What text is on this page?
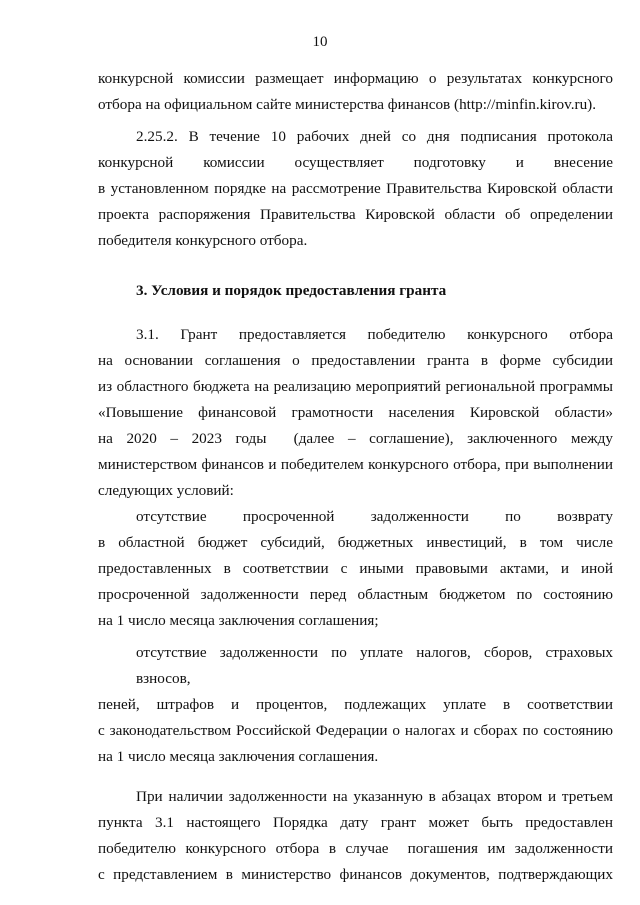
10

конкурсной комиссии размещает информацию о результатах конкурсного
отбора на официальном сайте министерства финансов (http://minfin.kirov.ru).

2.25.2. В течение 10 рабочих дней со дня подписания протокола
конкурсной комиссии осуществляет подготовку и внесение
в установленном порядке на рассмотрение Правительства Кировской области
проекта распоряжения Правительства Кировской области об определении
победителя конкурсного отбора.

3. Условия и порядок предоставления гранта

3.1. Грант предоставляется победителю конкурсного отбора
на основании соглашения о предоставлении гранта в форме субсидии
из областного бюджета на реализацию мероприятий региональной программы
«Повышение финансовой грамотности населения Кировской области»
на 2020 – 2023 годы  (далее – соглашение), заключенного между
министерством финансов и победителем конкурсного отбора, при выполнении
следующих условий:

отсутствие просроченной задолженности по возврату
в областной бюджет субсидий, бюджетных инвестиций, в том числе
предоставленных в соответствии с иными правовыми актами, и иной
просроченной задолженности перед областным бюджетом по состоянию
на 1 число месяца заключения соглашения;

отсутствие задолженности по уплате налогов, сборов, страховых взносов,
пеней, штрафов и процентов, подлежащих уплате в соответствии
с законодательством Российской Федерации о налогах и сборах по состоянию
на 1 число месяца заключения соглашения.

При наличии задолженности на указанную в абзацах втором и третьем
пункта 3.1 настоящего Порядка дату грант может быть предоставлен
победителю конкурсного отбора в случае  погашения им задолженности
с представлением в министерство финансов документов, подтверждающих
